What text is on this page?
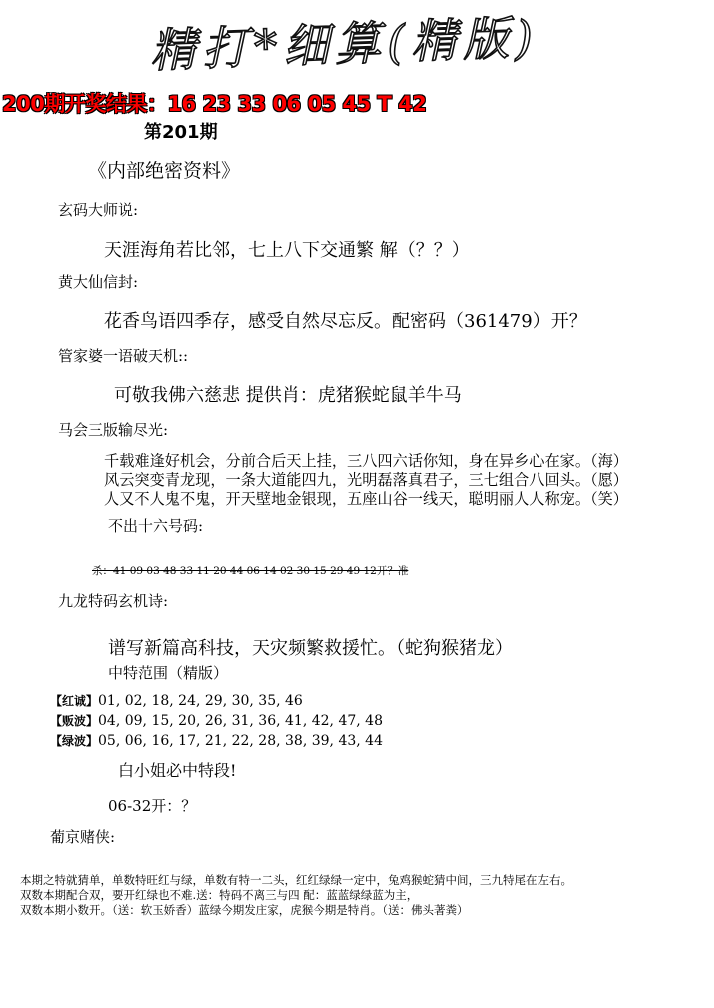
精打*细算(精版)
200期开奖结果：16 23 33 06 05 45 T 42
第201期
《内部绝密资料》
玄码大师说:
天涯海角若比邻，七上八下交通繁 解（？？）
黄大仙信封:
花香鸟语四季存，感受自然尽忘反。配密码（361479）开？
管家婆一语破天机::
可敬我佛六慈悲 提供肖：虎猪猴蛇鼠羊牛马
马会三版输尽光:
千载难逢好机会，分前合后天上挂，三八四六话你知，身在异乡心在家。（海）
风云突变青龙现，一条大道能四九，光明磊落真君子，三七组合八回头。（愿）
人又不人鬼不鬼，开天壁地金银现，五座山谷一线天，聪明丽人人称宠。（笑）
不出十六号码:
杀：41 09 03 48 33 11 20 44 06 14 02 30 15 29 49 12开？准
九龙特码玄机诗:
谱写新篇高科技，天灾频繁救援忙。（蛇狗猴猪龙）
中特范围（精版）
【红诚】01, 02, 18, 24, 29, 30, 35, 46
【贩波】04, 09, 15, 20, 26, 31, 36, 41, 42, 47, 48
【绿波】05, 06, 16, 17, 21, 22, 28, 38, 39, 43, 44
白小姐必中特段!
06-32开：？
葡京赌侠:
本期之特就猜单，单数特旺红与绿，单数有特一二头，红红绿绿一定中，兔鸡猴蛇猜中间，三九特尾在左右。
双数本期配合双，要开红绿也不难.送：特码不离三与四 配：蓝蓝绿绿蓝为主，
双数本期小数开。（送：软玉娇香）蓝绿今期发庄家，虎猴今期是特肖。（送：佛头著粪）
